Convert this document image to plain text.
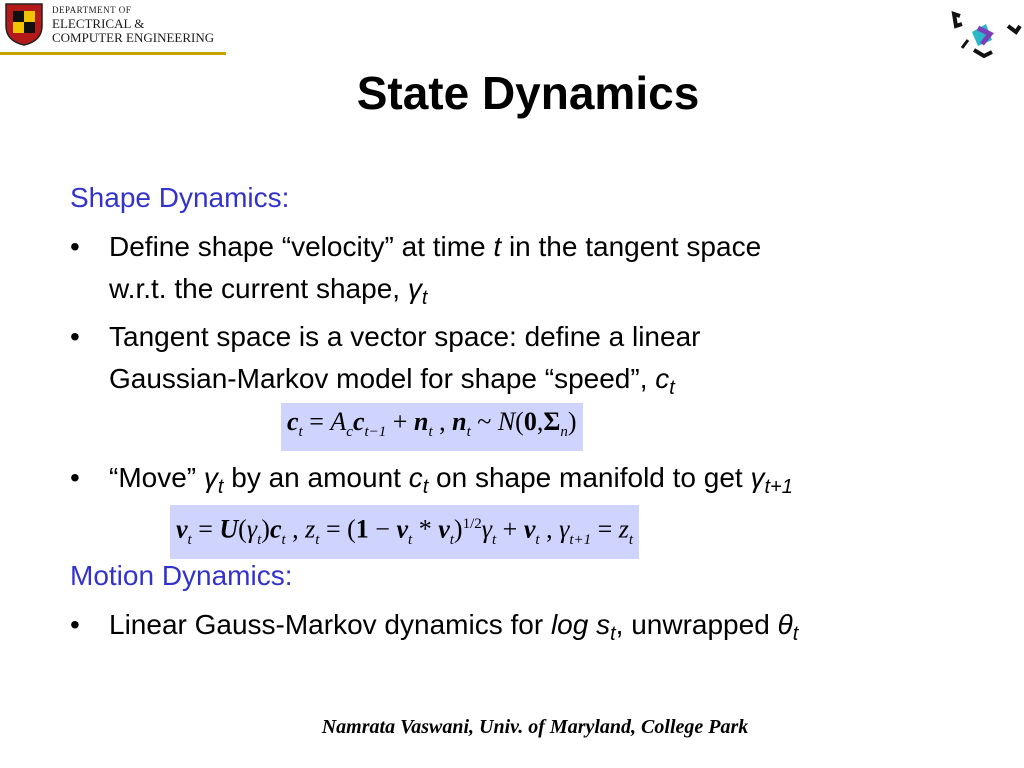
DEPARTMENT OF
ELECTRICAL &
COMPUTER ENGINEERING
State Dynamics
Shape Dynamics:
• Define shape “velocity” at time t in the tangent space
w.r.t. the current shape, $\gamma_t$
• Tangent space is a vector space: define a linear
Gaussian-Markov model for shape “speed”, $c_t$
$c_t = A_cc_{t-1} + n_t$ , $n_t$ ~ $N(0,\Sigma_n)$
• “Move” $\gamma_t$ by an amount $c_t$ on shape manifold to get $\gamma_{t+1}$
$v_t = U(\gamma_t)c_t$ , $z_t = (1 - v_t * v_t)^{1/2}\gamma_t + v_t$ , $\gamma_{t+1} = z_t$
Motion Dynamics:
• Linear Gauss-Markov dynamics for $\log s_t$, unwrapped $\theta_t$
Namrata Vaswani, Univ. of Maryland, College Park
